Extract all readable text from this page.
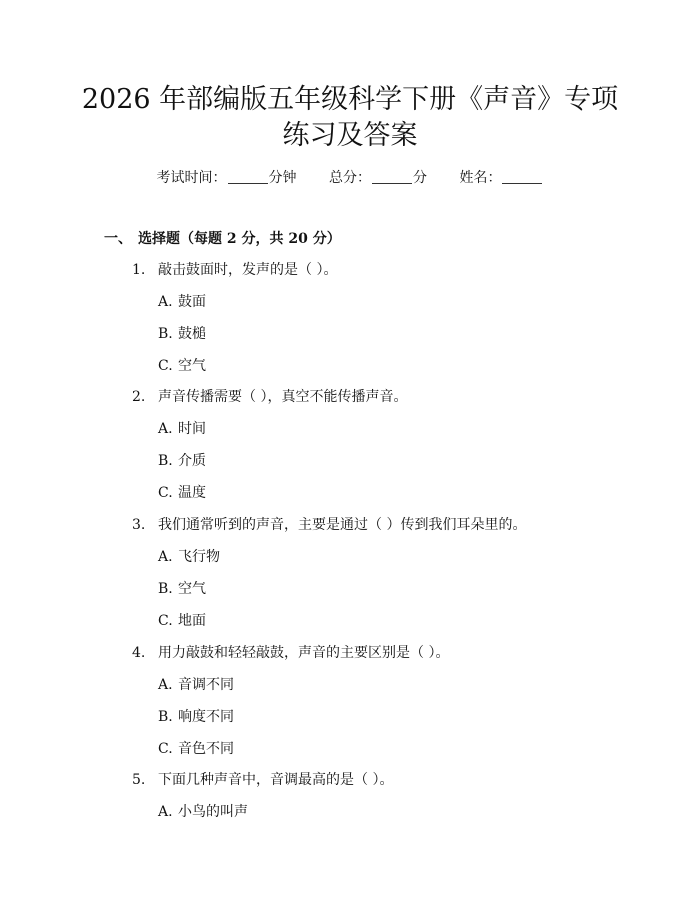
2026 年部编版五年级科学下册《声音》专项
练习及答案
考试时间：	分钟 总分：	分 姓名：
一、 选择题（每题 2 分，共 20 分）
1. 敲击鼓面时，发声的是（ ）。
A. 鼓面
B. 鼓槌
C. 空气
2. 声音传播需要（ ），真空不能传播声音。
A. 时间
B. 介质
C. 温度
3. 我们通常听到的声音，主要是通过（ ）传到我们耳朵里的。
A. 飞行物
B. 空气
C. 地面
4. 用力敲鼓和轻轻敲鼓，声音的主要区别是（ ）。
A. 音调不同
B. 响度不同
C. 音色不同
5. 下面几种声音中，音调最高的是（ ）。
A. 小鸟的叫声
